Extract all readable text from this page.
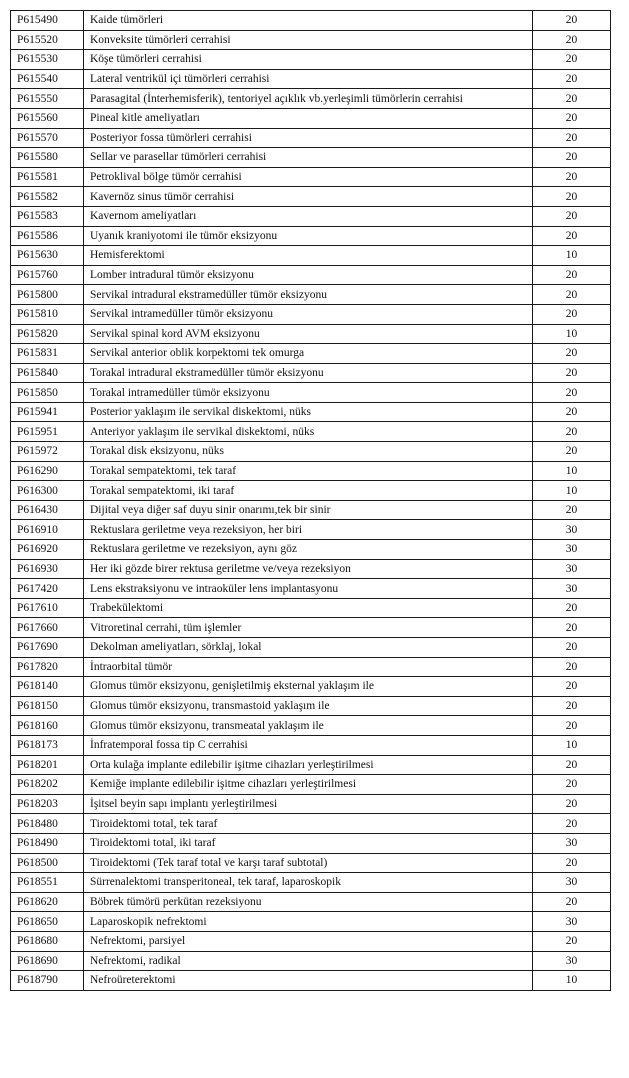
P615490	Kaide tümörleri	20
P615520	Konveksite tümörleri cerrahisi	20
P615530	Köşe tümörleri cerrahisi	20
P615540	Lateral ventrikül içi tümörleri cerrahisi	20
P615550	Parasagital (İnterhemisferik), tentoriyel açıklık vb.yerleşimli tümörlerin cerrahisi	20
P615560	Pineal kitle ameliyatları	20
P615570	Posteriyor fossa tümörleri cerrahisi	20
P615580	Sellar ve parasellar tümörleri cerrahisi	20
P615581	Petroklival bölge tümör cerrahisi	20
P615582	Kavernöz sinus tümör cerrahisi	20
P615583	Kavernom ameliyatları	20
P615586	Uyanık kraniyotomi ile tümör eksizyonu	20
P615630	Hemisferektomi	10
P615760	Lomber intradural tümör eksizyonu	20
P615800	Servikal intradural ekstramedüller tümör eksizyonu	20
P615810	Servikal intramedüller tümör eksizyonu	20
P615820	Servikal spinal kord AVM eksizyonu	10
P615831	Servikal anterior oblik korpektomi tek omurga	20
P615840	Torakal intradural ekstramedüller tümör eksizyonu	20
P615850	Torakal intramedüller tümör eksizyonu	20
P615941	Posterior yaklaşım ile servikal diskektomi, nüks	20
P615951	Anteriyor yaklaşım ile servikal diskektomi, nüks	20
P615972	Torakal disk eksizyonu, nüks	20
P616290	Torakal sempatektomi, tek taraf	10
P616300	Torakal sempatektomi, iki taraf	10
P616430	Dijital veya diğer saf duyu sinir onarımı,tek bir sinir	20
P616910	Rektuslara geriletme veya rezeksiyon, her biri	30
P616920	Rektuslara geriletme ve rezeksiyon, aynı göz	30
P616930	Her iki gözde birer rektusa geriletme ve/veya rezeksiyon	30
P617420	Lens ekstraksiyonu ve intraoküler lens implantasyonu	30
P617610	Trabekülektomi	20
P617660	Vitroretinal cerrahi, tüm işlemler	20
P617690	Dekolman ameliyatları, sörklaj, lokal	20
P617820	İntraorbital tümör	20
P618140	Glomus tümör eksizyonu, genişletilmiş eksternal yaklaşım ile	20
P618150	Glomus tümör eksizyonu, transmastoid yaklaşım ile	20
P618160	Glomus tümör eksizyonu, transmeatal yaklaşım ile	20
P618173	İnfratemporal fossa tip C cerrahisi	10
P618201	Orta kulağa implante edilebilir işitme cihazları yerleştirilmesi	20
P618202	Kemiğe implante edilebilir işitme cihazları yerleştirilmesi	20
P618203	İşitsel beyin sapı implantı yerleştirilmesi	20
P618480	Tiroidektomi total, tek taraf	20
P618490	Tiroidektomi total, iki taraf	30
P618500	Tiroidektomi (Tek taraf total ve karşı taraf subtotal)	20
P618551	Sürrenalektomi transperitoneal, tek taraf, laparoskopik	30
P618620	Böbrek tümörü perkütan rezeksiyonu	20
P618650	Laparoskopik nefrektomi	30
P618680	Nefrektomi, parsiyel	20
P618690	Nefrektomi, radikal	30
P618790	Nefroüreterektomi	10
